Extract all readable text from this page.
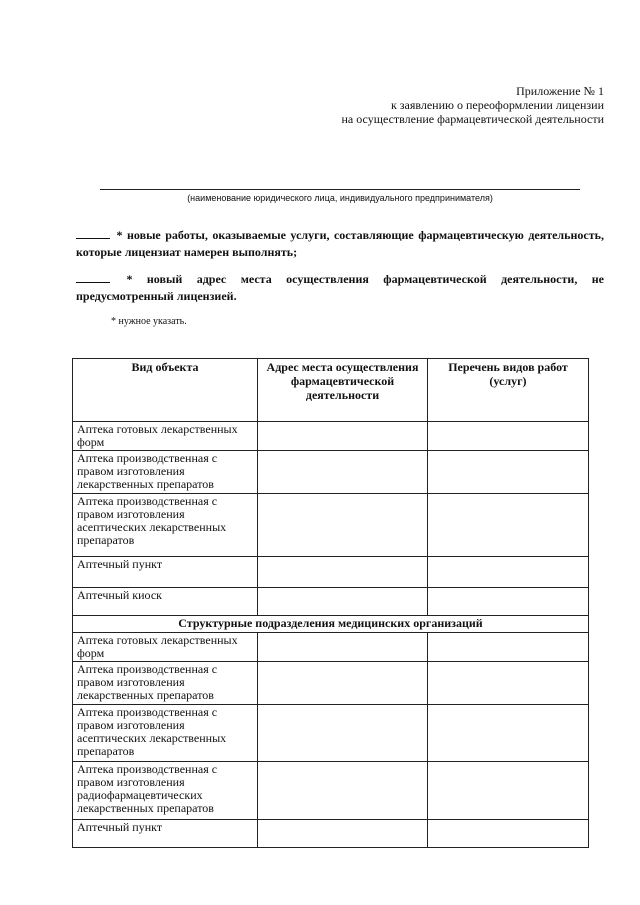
Приложение № 1
к заявлению о переоформлении лицензии
на осуществление фармацевтической деятельности
(наименование юридического лица, индивидуального предпринимателя)
* новые работы, оказываемые услуги, составляющие фармацевтическую деятельность, которые лицензиат намерен выполнять;
* новый адрес места осуществления фармацевтической деятельности, не предусмотренный лицензией.
* нужное указать.
Вид объекта	Адрес места осуществления фармацевтической деятельности	Перечень видов работ (услуг)
Аптека готовых лекарственных форм		
Аптека производственная с правом изготовления лекарственных препаратов		
Аптека производственная с правом изготовления асептических лекарственных препаратов		
Аптечный пункт		
Аптечный киоск		
Структурные подразделения медицинских организаций		
Аптека готовых лекарственных форм		
Аптека производственная с правом изготовления лекарственных препаратов		
Аптека производственная с правом изготовления асептических лекарственных препаратов		
Аптека производственная с правом изготовления радиофармацевтических лекарственных препаратов		
Аптечный пункт		
